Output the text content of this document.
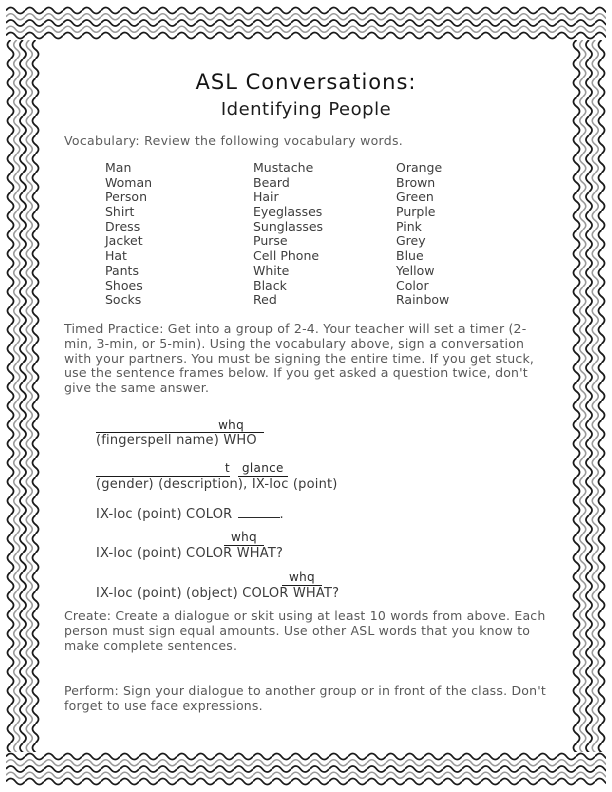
ASL Conversations:
Identifying People
Vocabulary: Review the following vocabulary words.
Man
Woman
Person
Shirt
Dress
Jacket
Hat
Pants
Shoes
Socks
Mustache
Beard
Hair
Eyeglasses
Sunglasses
Purse
Cell Phone
White
Black
Red
Orange
Brown
Green
Purple
Pink
Grey
Blue
Yellow
Color
Rainbow
Timed Practice: Get into a group of 2-4. Your teacher will set a timer (2-min, 3-min, or 5-min). Using the vocabulary above, sign a conversation with your partners. You must be signing the entire time. If you get stuck, use the sentence frames below. If you get asked a question twice, don't give the same answer.
whq
(fingerspell name) WHO
t	glance
(gender) (description), IX-loc (point)
IX-loc (point) COLOR	.
whq
IX-loc (point) COLOR WHAT?
whq
IX-loc (point) (object) COLOR WHAT?
Create: Create a dialogue or skit using at least 10 words from above. Each person must sign equal amounts. Use other ASL words that you know to make complete sentences.
Perform: Sign your dialogue to another group or in front of the class. Don't forget to use face expressions.
